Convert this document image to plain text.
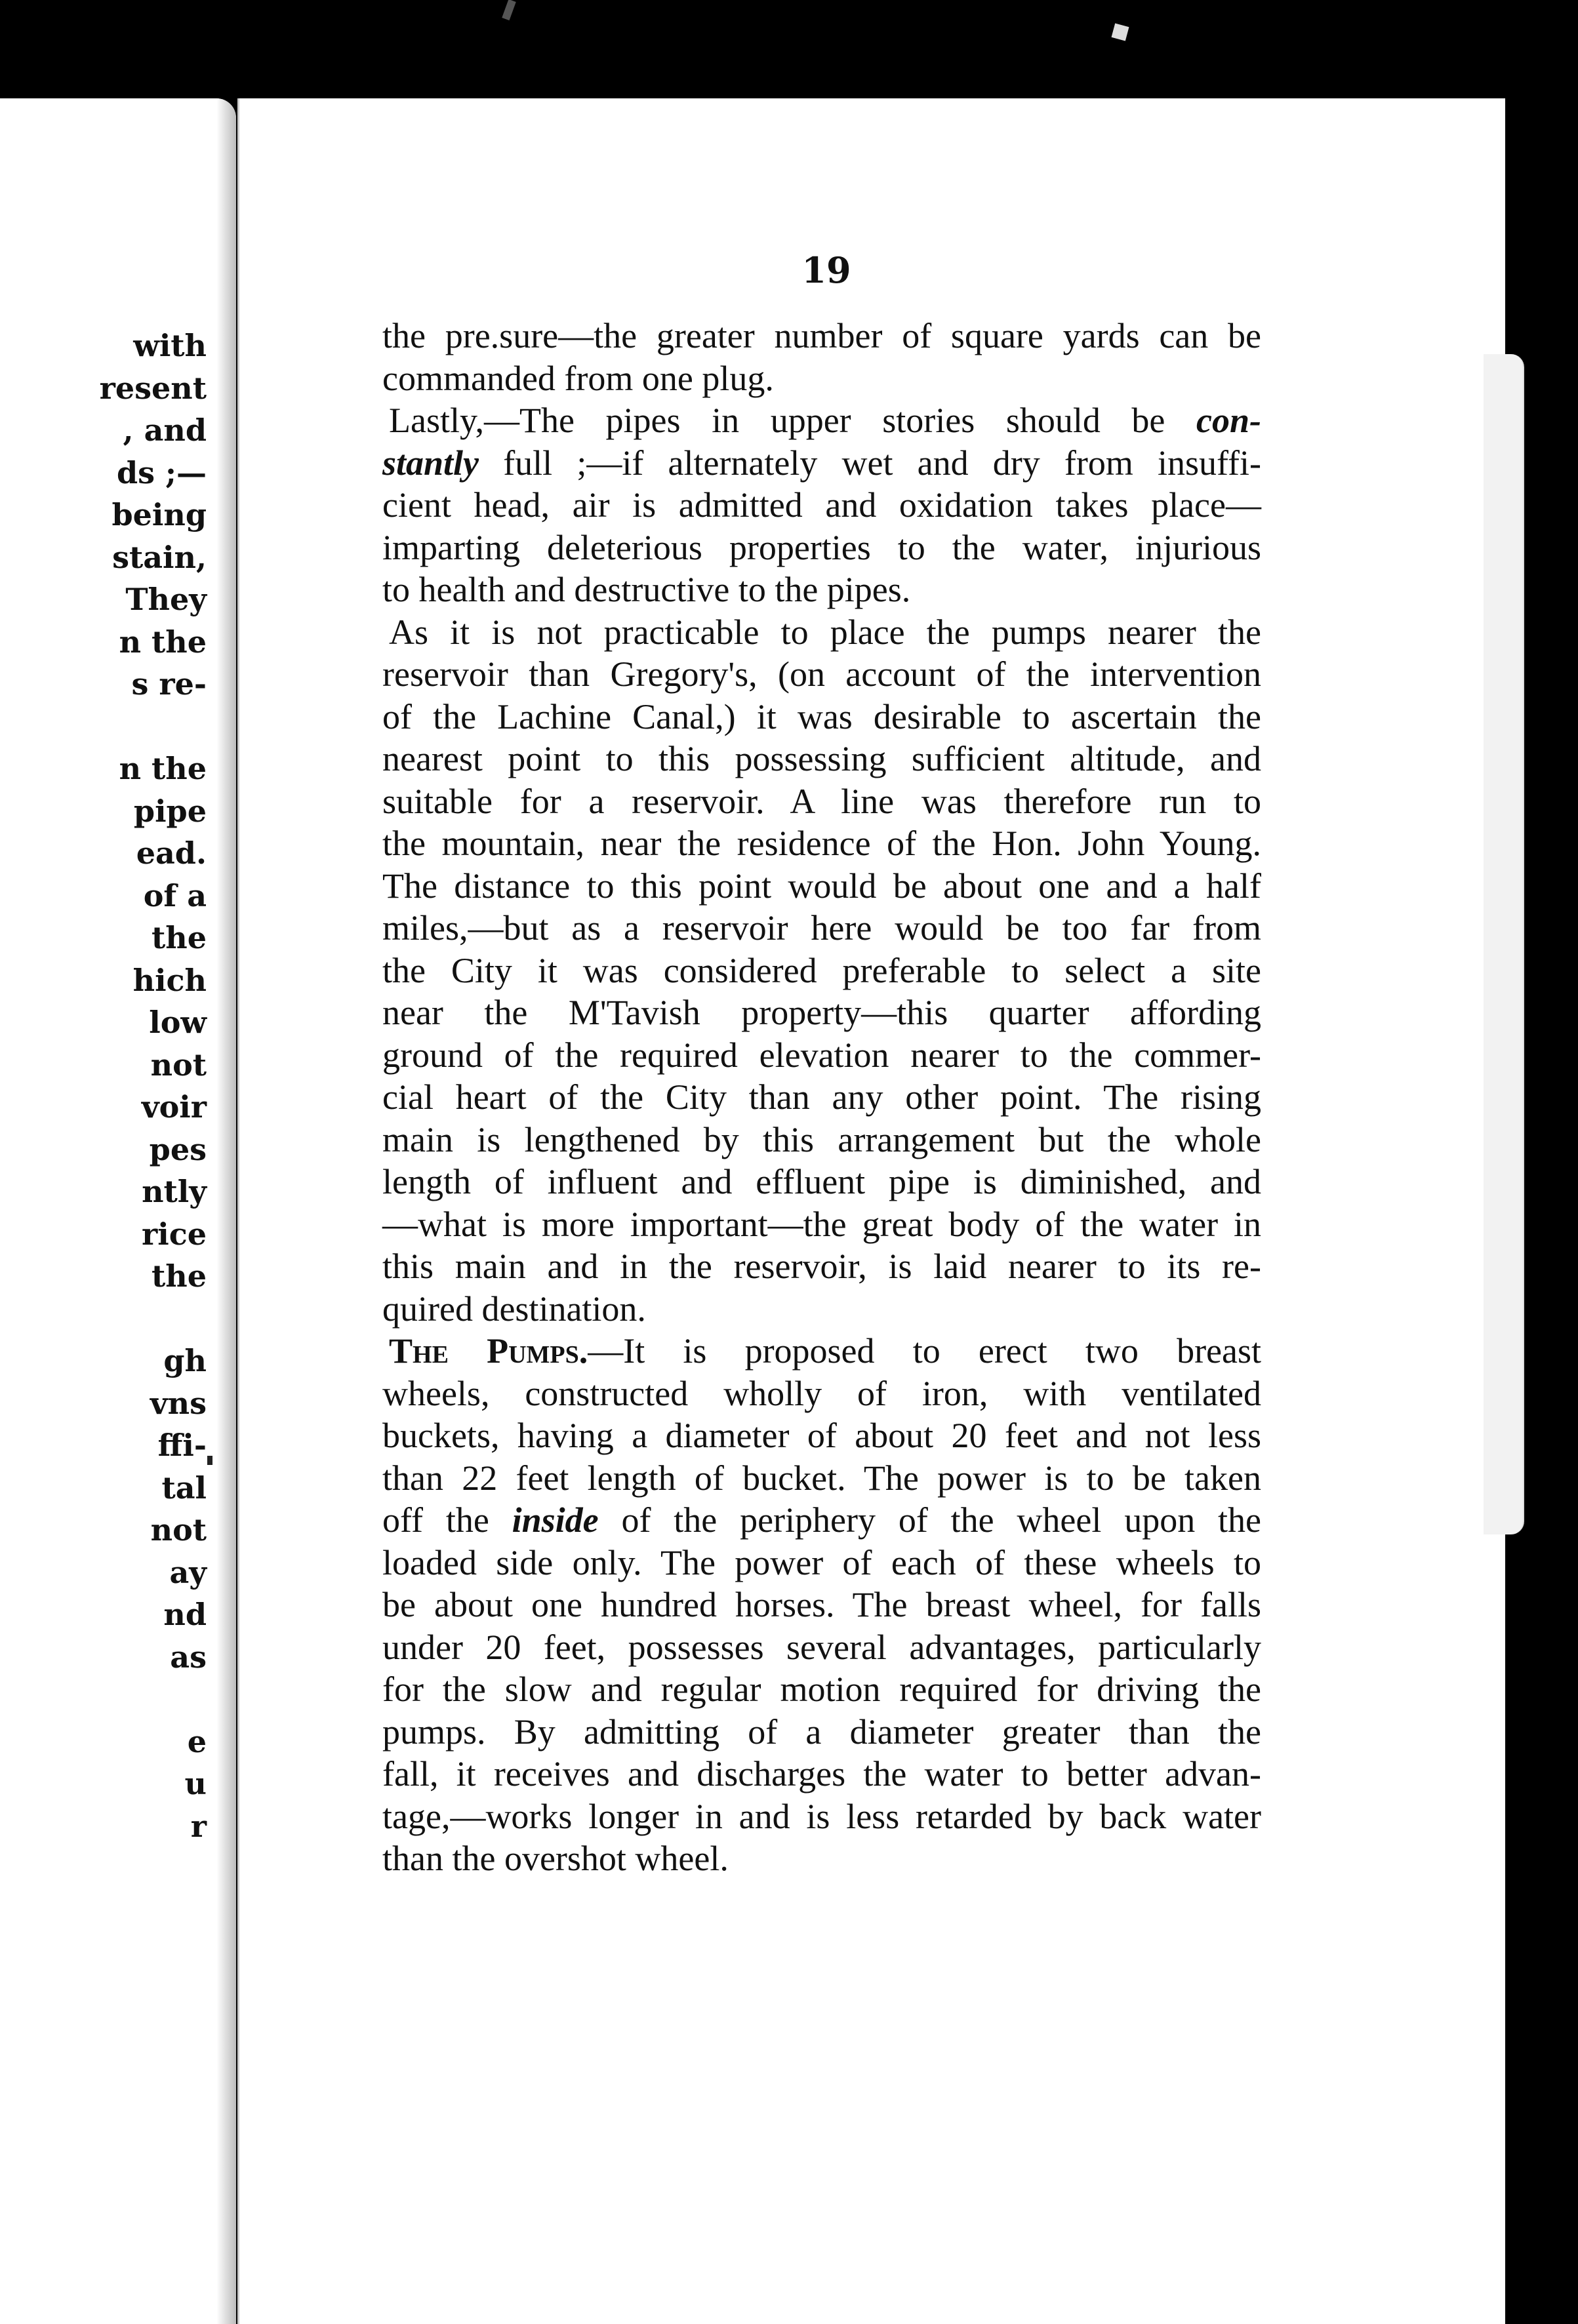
with
resent
, and
ds ;—
being
stain,
They
n the
s re-
n the
pipe
ead.
of a
the
hich
low
not
voir
pes
ntly
rice
the
gh
vns
ffi-
tal
not
ay
nd
as
e
u
r
19
the pre.sure—the greater number of square yards can be
commanded from one plug.
Lastly,—The pipes in upper stories should be con-
stantly full ;—if alternately wet and dry from insuffi-
cient head, air is admitted and oxidation takes place—
imparting deleterious properties to the water, injurious
to health and destructive to the pipes.
As it is not practicable to place the pumps nearer the
reservoir than Gregory's, (on account of the intervention
of the Lachine Canal,) it was desirable to ascertain the
nearest point to this possessing sufficient altitude, and
suitable for a reservoir. A line was therefore run to
the mountain, near the residence of the Hon. John Young.
The distance to this point would be about one and a half
miles,—but as a reservoir here would be too far from
the City it was considered preferable to select a site
near the M'Tavish property—this quarter affording
ground of the required elevation nearer to the commer-
cial heart of the City than any other point. The rising
main is lengthened by this arrangement but the whole
length of influent and effluent pipe is diminished, and
—what is more important—the great body of the water in
this main and in the reservoir, is laid nearer to its re-
quired destination.
The Pumps.—It is proposed to erect two breast
wheels, constructed wholly of iron, with ventilated
buckets, having a diameter of about 20 feet and not less
than 22 feet length of bucket. The power is to be taken
off the inside of the periphery of the wheel upon the
loaded side only. The power of each of these wheels to
be about one hundred horses. The breast wheel, for falls
under 20 feet, possesses several advantages, particularly
for the slow and regular motion required for driving the
pumps. By admitting of a diameter greater than the
fall, it receives and discharges the water to better advan-
tage,—works longer in and is less retarded by back water
than the overshot wheel.
